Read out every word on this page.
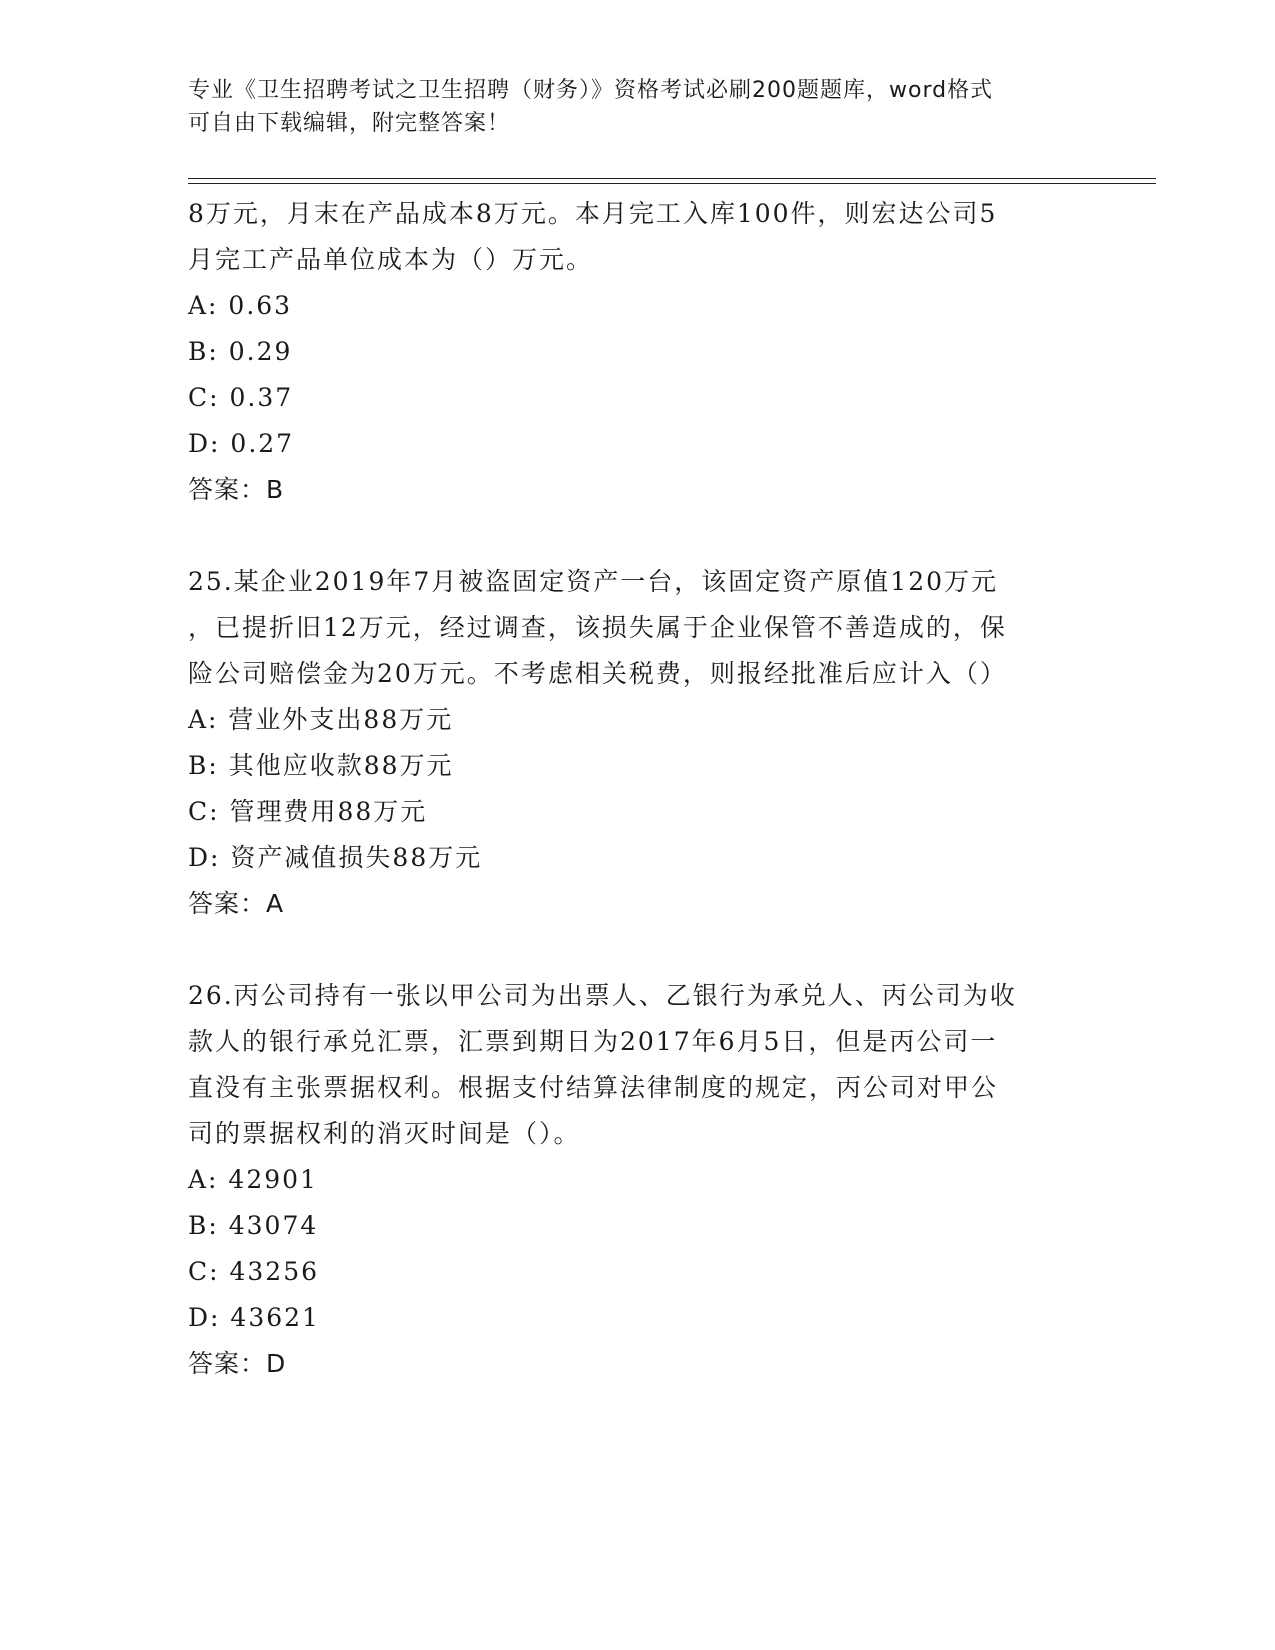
专业《卫生招聘考试之卫生招聘（财务）》资格考试必刷200题题库，word格式
可自由下载编辑，附完整答案！

8万元，月末在产品成本8万元。本月完工入库100件，则宏达公司5

月完工产品单位成本为（）万元。

A: 0.63

B: 0.29

C: 0.37

D: 0.27

答案：B

25.某企业2019年7月被盗固定资产一台，该固定资产原值120万元

，已提折旧12万元，经过调查，该损失属于企业保管不善造成的，保

险公司赔偿金为20万元。不考虑相关税费，则报经批准后应计入（）

A: 营业外支出88万元

B: 其他应收款88万元

C: 管理费用88万元

D: 资产减值损失88万元

答案：A

26.丙公司持有一张以甲公司为出票人、乙银行为承兑人、丙公司为收

款人的银行承兑汇票，汇票到期日为2017年6月5日，但是丙公司一

直没有主张票据权利。根据支付结算法律制度的规定，丙公司对甲公

司的票据权利的消灭时间是（）。

A: 42901

B: 43074

C: 43256

D: 43621

答案：D
